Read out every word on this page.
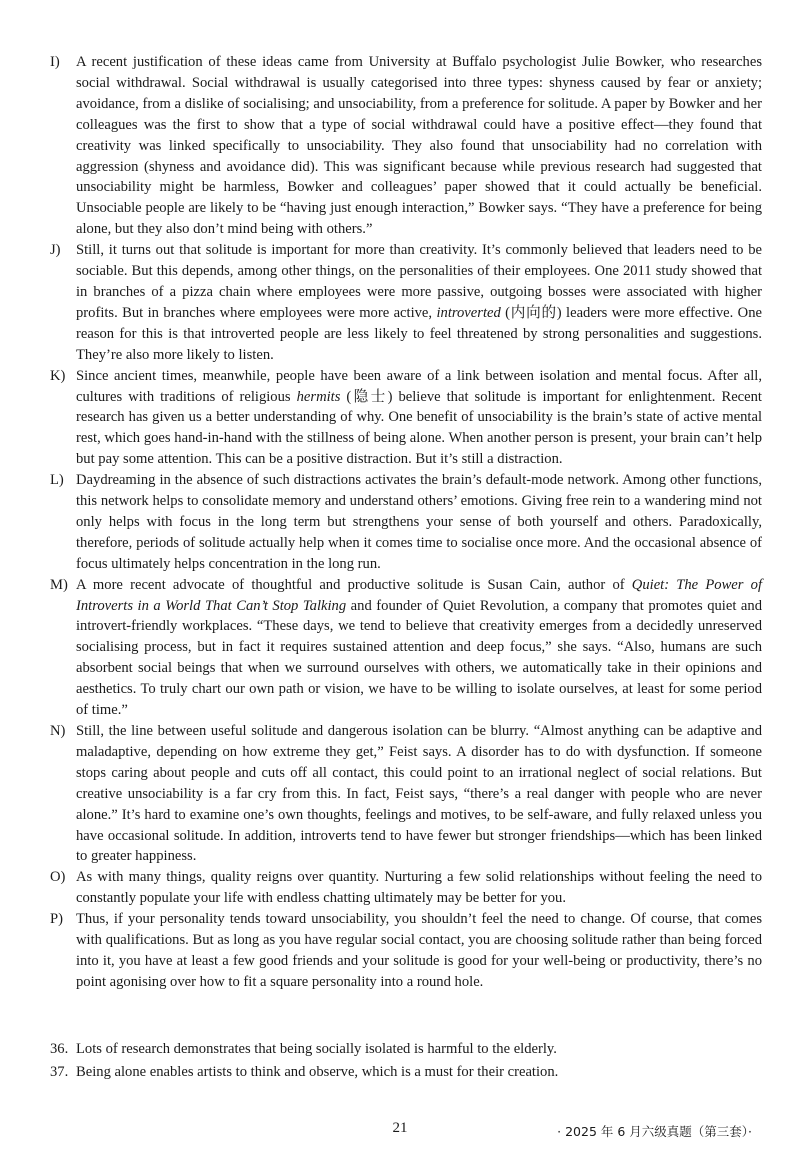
I)	A recent justification of these ideas came from University at Buffalo psychologist Julie Bowker, who researches social withdrawal. Social withdrawal is usually categorised into three types: shyness caused by fear or anxiety; avoidance, from a dislike of socialising; and unsociability, from a preference for solitude. A paper by Bowker and her colleagues was the first to show that a type of social withdrawal could have a positive effect—they found that creativity was linked specifically to unsociability. They also found that unsociability had no correlation with aggression (shyness and avoidance did). This was significant because while previous research had suggested that unsociability might be harmless, Bowker and colleagues’ paper showed that it could actually be beneficial. Unsociable people are likely to be “having just enough interaction,” Bowker says. “They have a preference for being alone, but they also don’t mind being with others.”
J)	Still, it turns out that solitude is important for more than creativity. It’s commonly believed that leaders need to be sociable. But this depends, among other things, on the personalities of their employees. One 2011 study showed that in branches of a pizza chain where employees were more passive, outgoing bosses were associated with higher profits. But in branches where employees were more active, introverted (内向的) leaders were more effective. One reason for this is that introverted people are less likely to feel threatened by strong personalities and suggestions. They’re also more likely to listen.
K) Since ancient times, meanwhile, people have been aware of a link between isolation and mental focus. After all, cultures with traditions of religious hermits (隐士) believe that solitude is important for enlightenment. Recent research has given us a better understanding of why. One benefit of unsociability is the brain’s state of active mental rest, which goes hand-in-hand with the stillness of being alone. When another person is present, your brain can’t help but pay some attention. This can be a positive distraction. But it’s still a distraction.
L) Daydreaming in the absence of such distractions activates the brain’s default-mode network. Among other functions, this network helps to consolidate memory and understand others’ emotions. Giving free rein to a wandering mind not only helps with focus in the long term but strengthens your sense of both yourself and others. Paradoxically, therefore, periods of solitude actually help when it comes time to socialise once more. And the occasional absence of focus ultimately helps concentration in the long run.
M) A more recent advocate of thoughtful and productive solitude is Susan Cain, author of Quiet: The Power of Introverts in a World That Can’t Stop Talking and founder of Quiet Revolution, a company that promotes quiet and introvert-friendly workplaces. “These days, we tend to believe that creativity emerges from a decidedly unreserved socialising process, but in fact it requires sustained attention and deep focus,” she says. “Also, humans are such absorbent social beings that when we surround ourselves with others, we automatically take in their opinions and aesthetics. To truly chart our own path or vision, we have to be willing to isolate ourselves, at least for some period of time.”
N) Still, the line between useful solitude and dangerous isolation can be blurry. “Almost anything can be adaptive and maladaptive, depending on how extreme they get,” Feist says. A disorder has to do with dysfunction. If someone stops caring about people and cuts off all contact, this could point to an irrational neglect of social relations. But creative unsociability is a far cry from this. In fact, Feist says, “there’s a real danger with people who are never alone.” It’s hard to examine one’s own thoughts, feelings and motives, to be self-aware, and fully relaxed unless you have occasional solitude. In addition, introverts tend to have fewer but stronger friendships—which has been linked to greater happiness.
O) As with many things, quality reigns over quantity. Nurturing a few solid relationships without feeling the need to constantly populate your life with endless chatting ultimately may be better for you.
P) Thus, if your personality tends toward unsociability, you shouldn’t feel the need to change. Of course, that comes with qualifications. But as long as you have regular social contact, you are choosing solitude rather than being forced into it, you have at least a few good friends and your solitude is good for your well-being or productivity, there’s no point agonising over how to fit a square personality into a round hole.
36. Lots of research demonstrates that being socially isolated is harmful to the elderly.
37. Being alone enables artists to think and observe, which is a must for their creation.
21	· 2025 年 6 月六级真题（第三套）·
